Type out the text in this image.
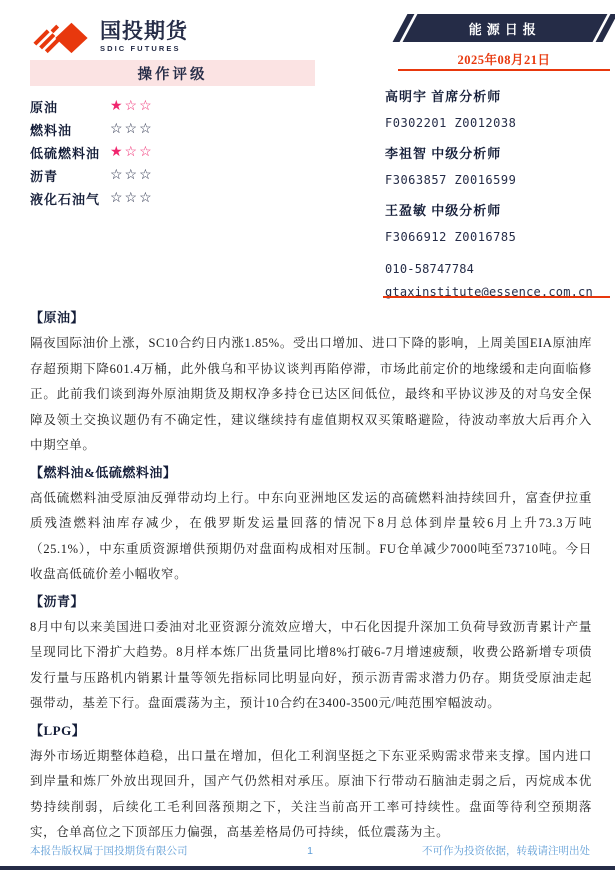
国投期货
SDIC FUTURES
能源日报
2025年08月21日
操作评级
原油	★☆☆
燃料油	☆☆☆
低硫燃料油 ★☆☆
沥青	☆☆☆
液化石油气 ☆☆☆
高明宇 首席分析师
F0302201 Z0012038
李祖智 中级分析师
F3063857 Z0016599
王盈敏 中级分析师
F3066912 Z0016785
010-58747784
gtaxinstitute@essence.com.cn
【原油】
隔夜国际油价上涨，SC10合约日内涨1.85%。受出口增加、进口下降的影响，上周美国EIA原油库存超预期下降601.4万桶，此外俄乌和平协议谈判再陷停滞，市场此前定价的地缘缓和走向面临修正。此前我们谈到海外原油期货及期权净多持仓已达区间低位，最终和平协议涉及的对乌安全保障及领土交换议题仍有不确定性，建议继续持有虚值期权双买策略避险，待波动率放大后再介入中期空单。
【燃料油&低硫燃料油】
高低硫燃料油受原油反弹带动均上行。中东向亚洲地区发运的高硫燃料油持续回升，富查伊拉重质残渣燃料油库存减少，在俄罗斯发运量回落的情况下8月总体到岸量较6月上升73.3万吨（25.1%），中东重质资源增供预期仍对盘面构成相对压制。FU仓单减少7000吨至73710吨。今日收盘高低硫价差小幅收窄。
【沥青】
8月中旬以来美国进口委油对北亚资源分流效应增大，中石化因提升深加工负荷导致沥青累计产量呈现同比下滑扩大趋势。8月样本炼厂出货量同比增8%打破6-7月增速疲颓，收费公路新增专项债发行量与压路机内销累计量等领先指标同比明显向好，预示沥青需求潜力仍存。期货受原油走起强带动，基差下行。盘面震荡为主，预计10合约在3400-3500元/吨范围窄幅波动。
【LPG】
海外市场近期整体趋稳，出口量在增加，但化工利润坚挺之下东亚采购需求带来支撑。国内进口到岸量和炼厂外放出现回升，国产气仍然相对承压。原油下行带动石脑油走弱之后，丙烷成本优势持续削弱，后续化工毛利回落预期之下，关注当前高开工率可持续性。盘面等待利空预期落实，仓单高位之下顶部压力偏强，高基差格局仍可持续，低位震荡为主。
本报告版权属于国投期货有限公司	1	不可作为投资依据，转载请注明出处
